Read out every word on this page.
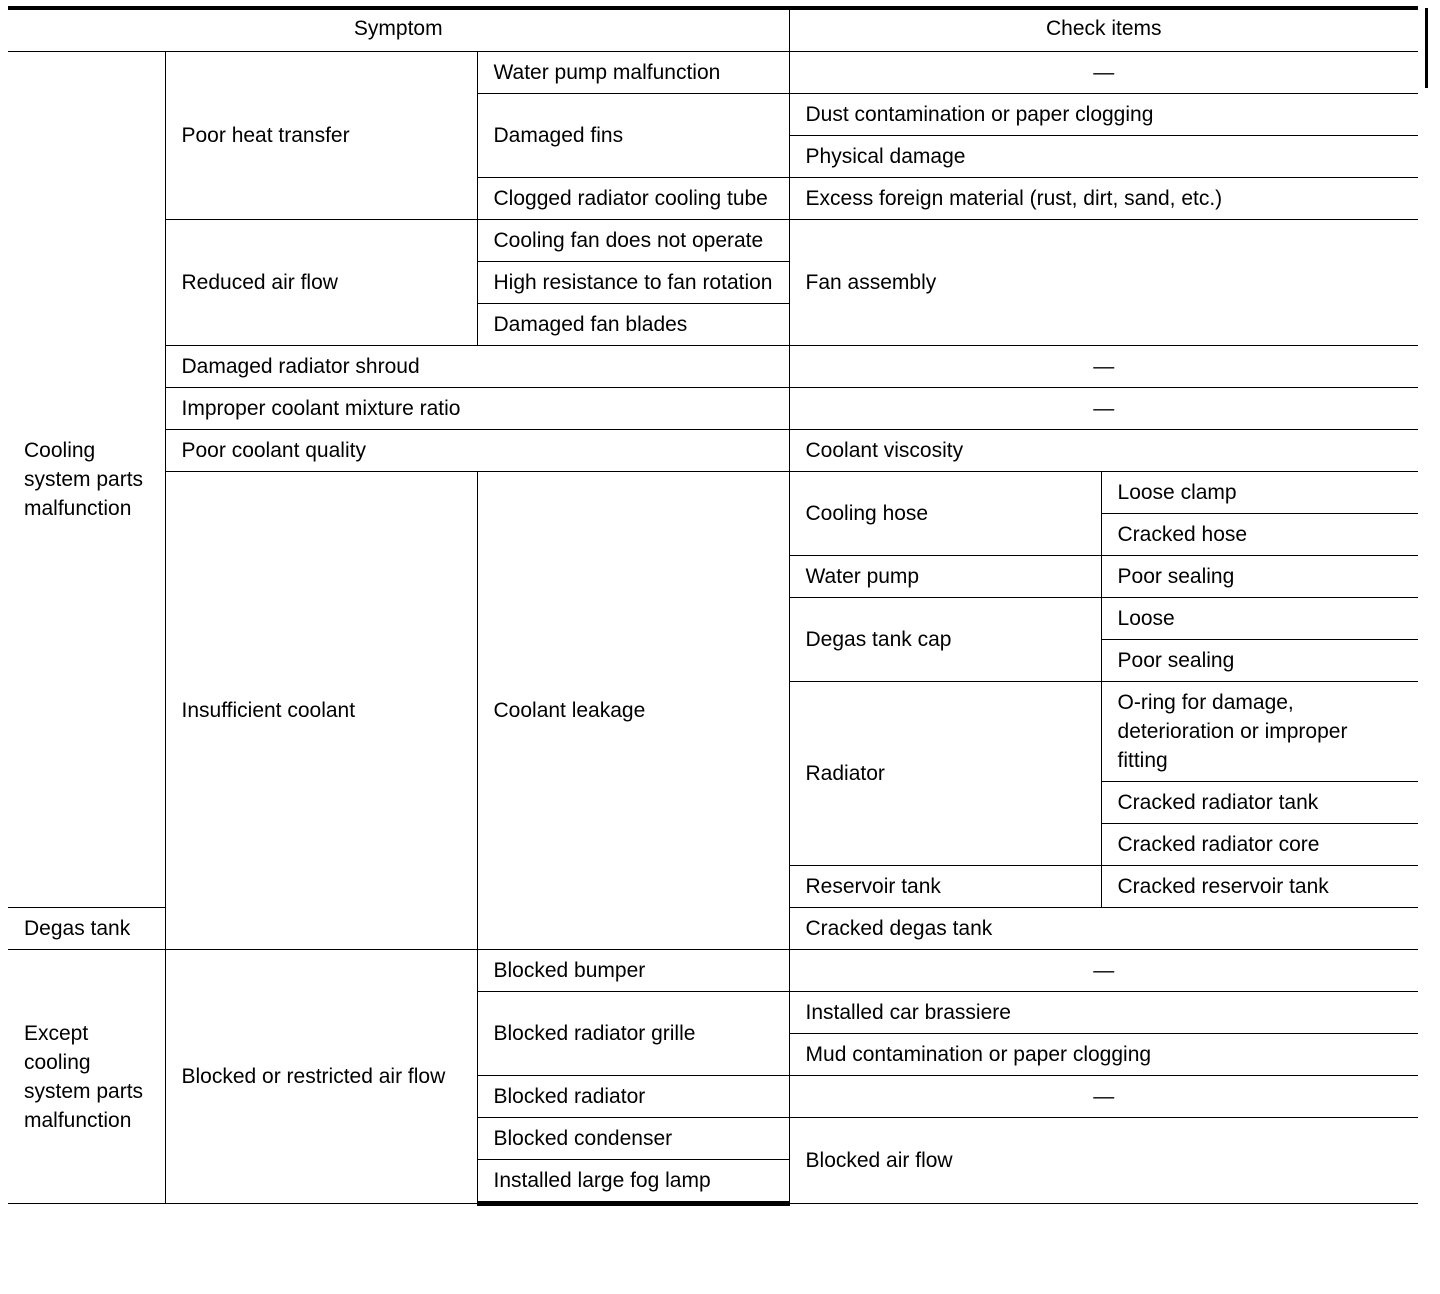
Symptom			Check items	
Cooling system parts malfunction	Poor heat transfer	Water pump malfunction	—	
		Damaged fins	Dust contamination or paper clogging	
			Physical damage	
		Clogged radiator cooling tube	Excess foreign material (rust, dirt, sand, etc.)	
	Reduced air flow	Cooling fan does not operate	Fan assembly	
		High resistance to fan rotation		
		Damaged fan blades		
	Damaged radiator shroud		—	
	Improper coolant mixture ratio		—	
	Poor coolant quality		Coolant viscosity	
	Insufficient coolant	Coolant leakage	Cooling hose	Loose clamp
				Cracked hose
			Water pump	Poor sealing
			Degas tank cap	Loose
				Poor sealing
			Radiator	O-ring for damage, deterioration or improper fitting
				Cracked radiator tank
				Cracked radiator core
			Reservoir tank	Cracked reservoir tank
Degas tank			Cracked degas tank	
Except cooling system parts malfunction	Blocked or restricted air flow	Blocked bumper	—	
		Blocked radiator grille	Installed car brassiere	
			Mud contamination or paper clogging	
		Blocked radiator	—	
		Blocked condenser	Blocked air flow	
		Installed large fog lamp		
